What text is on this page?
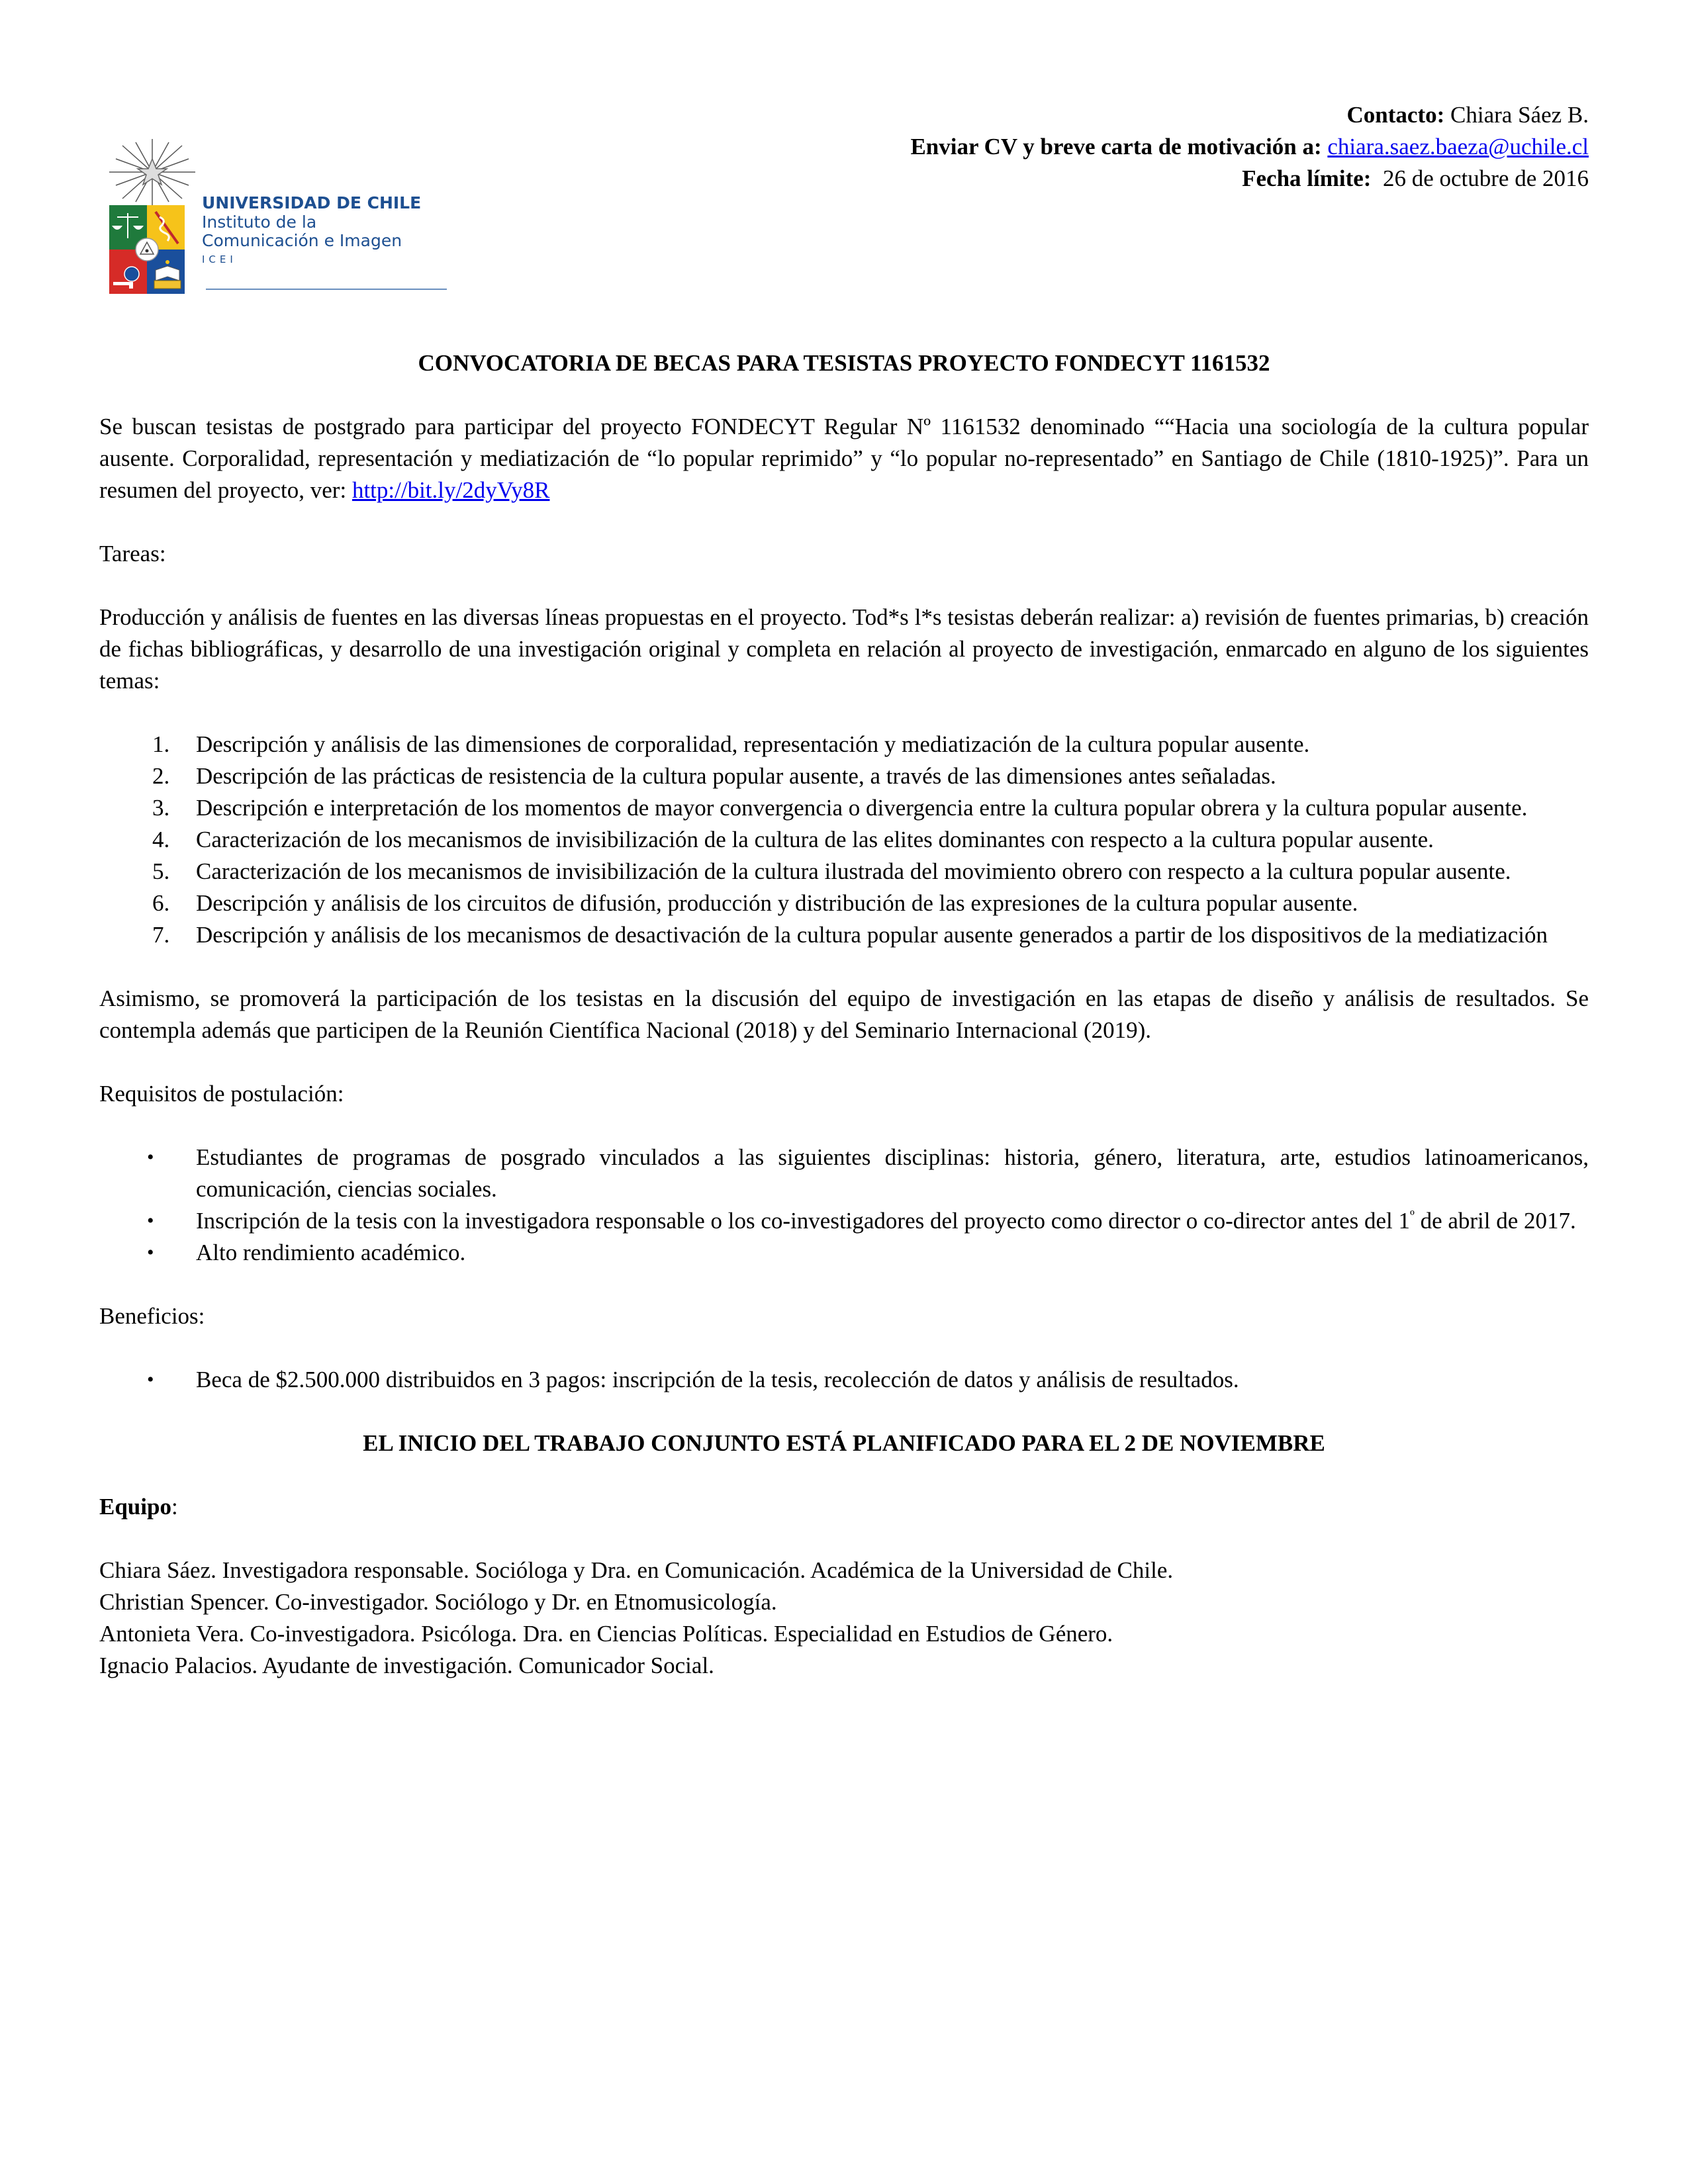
UNIVERSIDAD DE CHILE
Instituto de la
Comunicación e Imagen
ICEI
Contacto: Chiara Sáez B.
Enviar CV y breve carta de motivación a: chiara.saez.baeza@uchile.cl
Fecha límite: 26 de octubre de 2016

CONVOCATORIA DE BECAS PARA TESISTAS PROYECTO FONDECYT 1161532

Se buscan tesistas de postgrado para participar del proyecto FONDECYT Regular Nº 1161532 denominado ““Hacia una sociología de la cultura popular ausente. Corporalidad, representación y mediatización de “lo popular reprimido” y “lo popular no-representado” en Santiago de Chile (1810-1925)”. Para un resumen del proyecto, ver: http://bit.ly/2dyVy8R

Tareas:

Producción y análisis de fuentes en las diversas líneas propuestas en el proyecto. Tod*s l*s tesistas deberán realizar: a) revisión de fuentes primarias, b) creación de fichas bibliográficas, y desarrollo de una investigación original y completa en relación al proyecto de investigación, enmarcado en alguno de los siguientes temas:

1. Descripción y análisis de las dimensiones de corporalidad, representación y mediatización de la cultura popular ausente.
2. Descripción de las prácticas de resistencia de la cultura popular ausente, a través de las dimensiones antes señaladas.
3. Descripción e interpretación de los momentos de mayor convergencia o divergencia entre la cultura popular obrera y la cultura popular ausente.
4. Caracterización de los mecanismos de invisibilización de la cultura de las elites dominantes con respecto a la cultura popular ausente.
5. Caracterización de los mecanismos de invisibilización de la cultura ilustrada del movimiento obrero con respecto a la cultura popular ausente.
6. Descripción y análisis de los circuitos de difusión, producción y distribución de las expresiones de la cultura popular ausente.
7. Descripción y análisis de los mecanismos de desactivación de la cultura popular ausente generados a partir de los dispositivos de la mediatización

Asimismo, se promoverá la participación de los tesistas en la discusión del equipo de investigación en las etapas de diseño y análisis de resultados. Se contempla además que participen de la Reunión Científica Nacional (2018) y del Seminario Internacional (2019).

Requisitos de postulación:

• Estudiantes de programas de posgrado vinculados a las siguientes disciplinas: historia, género, literatura, arte, estudios latinoamericanos, comunicación, ciencias sociales.
• Inscripción de la tesis con la investigadora responsable o los co-investigadores del proyecto como director o co-director antes del $1^º$ de abril de 2017.
• Alto rendimiento académico.

Beneficios:

• Beca de $2.500.000 distribuidos en 3 pagos: inscripción de la tesis, recolección de datos y análisis de resultados.

EL INICIO DEL TRABAJO CONJUNTO ESTÁ PLANIFICADO PARA EL 2 DE NOVIEMBRE

Equipo:

Chiara Sáez. Investigadora responsable. Socióloga y Dra. en Comunicación. Académica de la Universidad de Chile.

Christian Spencer. Co-investigador. Sociólogo y Dr. en Etnomusicología.

Antonieta Vera. Co-investigadora. Psicóloga. Dra. en Ciencias Políticas. Especialidad en Estudios de Género.

Ignacio Palacios. Ayudante de investigación. Comunicador Social.
